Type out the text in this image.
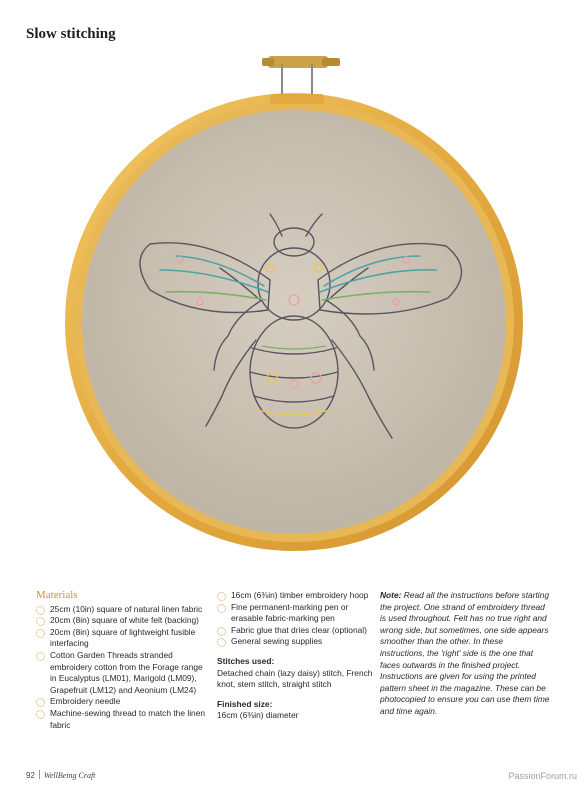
Slow stitching
Materials
25cm (10in) square of natural linen fabric
20cm (8in) square of white felt (backing)
20cm (8in) square of lightweight fusible interfacing
Cotton Garden Threads stranded embroidery cotton from the Forage range in Eucalyptus (LM01), Marigold (LM09), Grapefruit (LM12) and Aeonium (LM24)
Embroidery needle
Machine-sewing thread to match the linen fabric
16cm (6⅜in) timber embroidery hoop
Fine permanent-marking pen or erasable fabric-marking pen
Fabric glue that dries clear (optional)
General sewing supplies
Stitches used:
Detached chain (lazy daisy) stitch, French knot, stem stitch, straight stitch
Finished size:
16cm (6⅜in) diameter
Note: Read all the instructions before starting the project. One strand of embroidery thread is used throughout. Felt has no true right and wrong side, but sometimes, one side appears smoother than the other. In these instructions, the 'right' side is the one that faces outwards in the finished project. Instructions are given for using the printed pattern sheet in the magazine. These can be photocopied to ensure you can use them time and time again.
92 WellBeing Craft	PassionForum.ru
